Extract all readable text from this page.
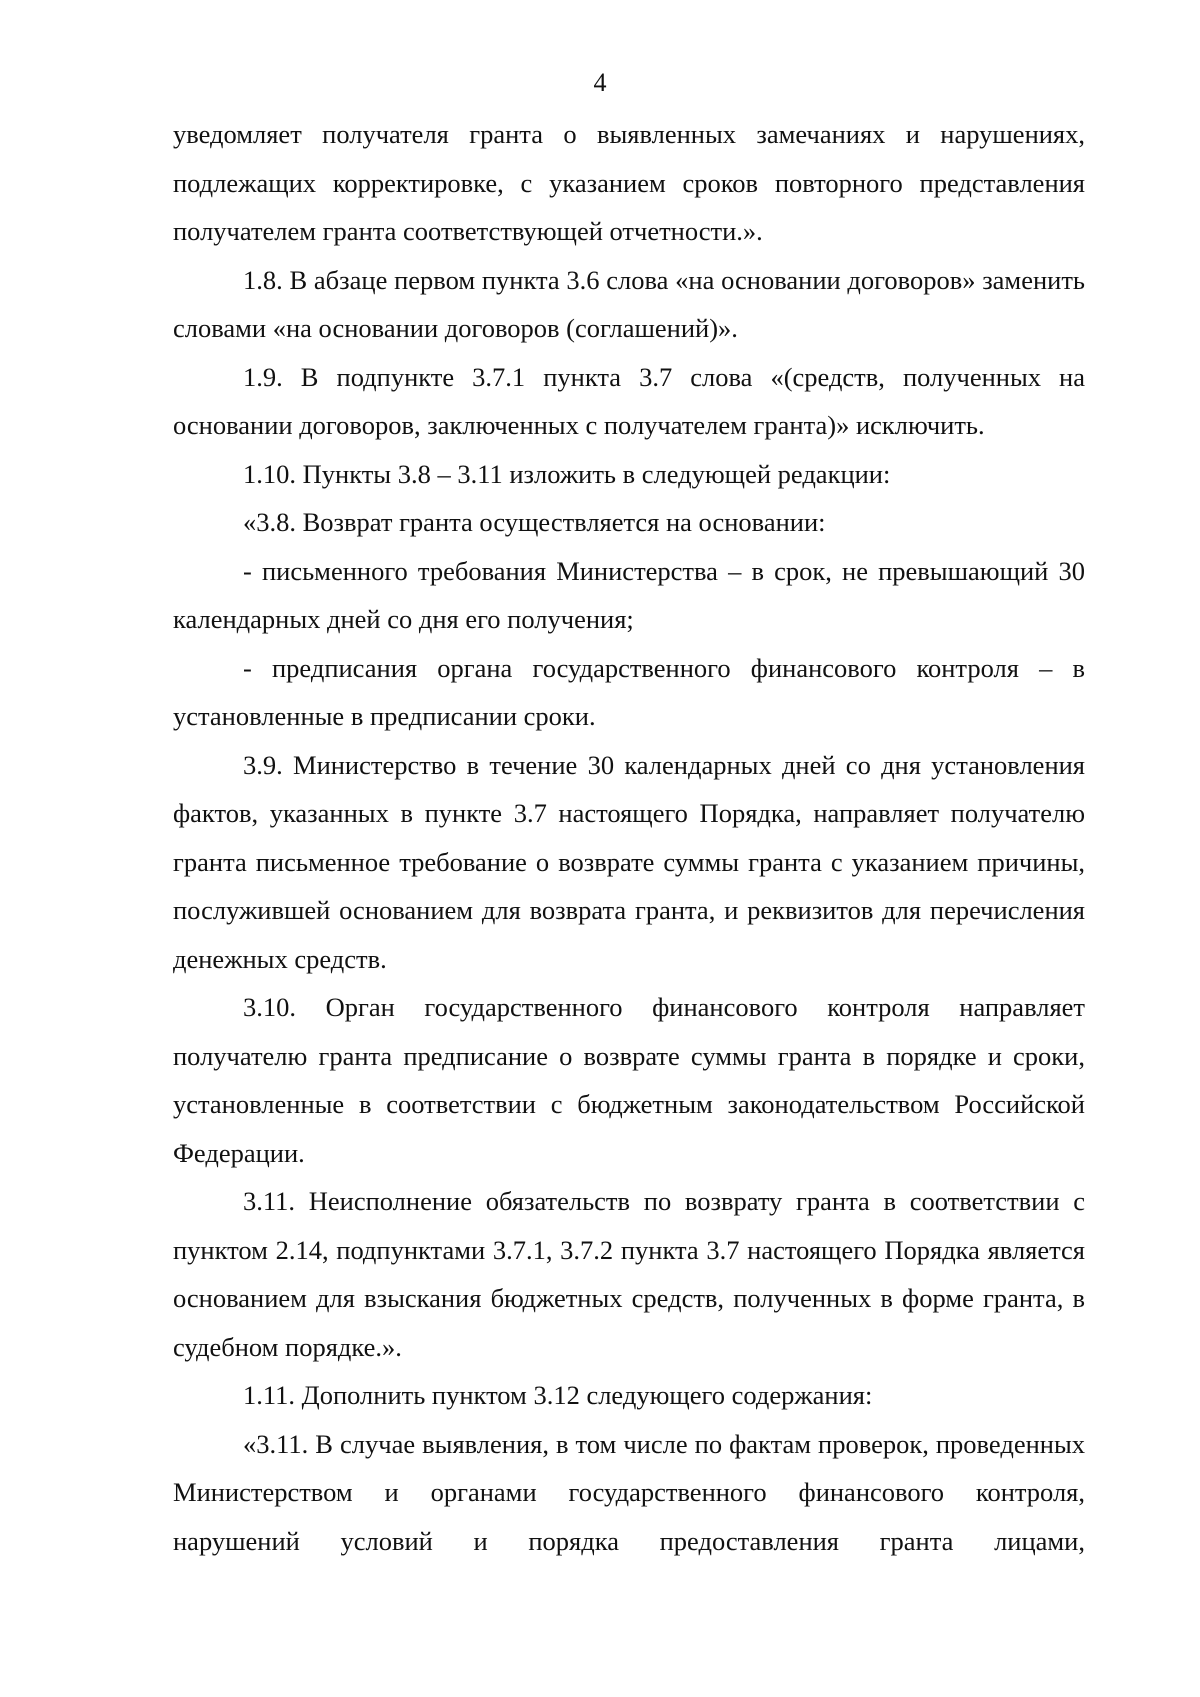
4

уведомляет получателя гранта о выявленных замечаниях и нарушениях, подлежащих корректировке, с указанием сроков повторного представления получателем гранта соответствующей отчетности.».

1.8. В абзаце первом пункта 3.6 слова «на основании договоров» заменить словами «на основании договоров (соглашений)».

1.9. В подпункте 3.7.1 пункта 3.7 слова «(средств, полученных на основании договоров, заключенных с получателем гранта)» исключить.

1.10. Пункты 3.8 – 3.11 изложить в следующей редакции:

«3.8. Возврат гранта осуществляется на основании:

- письменного требования Министерства – в срок, не превышающий 30 календарных дней со дня его получения;

- предписания органа государственного финансового контроля – в установленные в предписании сроки.

3.9. Министерство в течение 30 календарных дней со дня установления фактов, указанных в пункте 3.7 настоящего Порядка, направляет получателю гранта письменное требование о возврате суммы гранта с указанием причины, послужившей основанием для возврата гранта, и реквизитов для перечисления денежных средств.

3.10. Орган государственного финансового контроля направляет получателю гранта предписание о возврате суммы гранта в порядке и сроки, установленные в соответствии с бюджетным законодательством Российской Федерации.

3.11. Неисполнение обязательств по возврату гранта в соответствии с пунктом 2.14, подпунктами 3.7.1, 3.7.2 пункта 3.7 настоящего Порядка является основанием для взыскания бюджетных средств, полученных в форме гранта, в судебном порядке.».

1.11. Дополнить пунктом 3.12 следующего содержания:

«3.11. В случае выявления, в том числе по фактам проверок, проведенных Министерством и органами государственного финансового контроля, нарушений условий и порядка предоставления гранта лицами,
